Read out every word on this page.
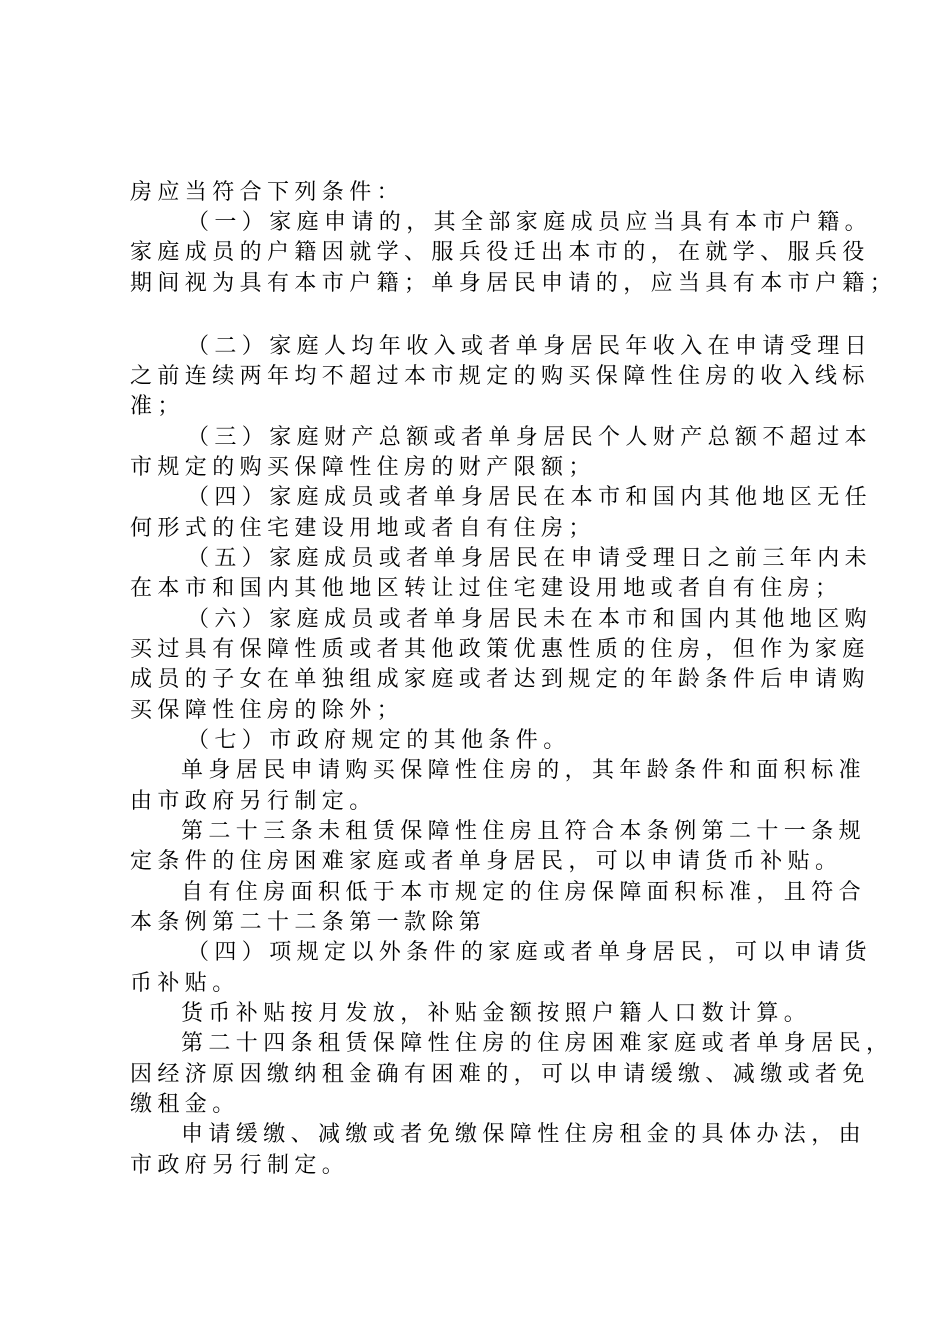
房应当符合下列条件：
（一）家庭申请的，其全部家庭成员应当具有本市户籍。
家庭成员的户籍因就学、服兵役迁出本市的，在就学、服兵役
期间视为具有本市户籍；单身居民申请的，应当具有本市户籍；
（二）家庭人均年收入或者单身居民年收入在申请受理日
之前连续两年均不超过本市规定的购买保障性住房的收入线标
准；
（三）家庭财产总额或者单身居民个人财产总额不超过本
市规定的购买保障性住房的财产限额；
（四）家庭成员或者单身居民在本市和国内其他地区无任
何形式的住宅建设用地或者自有住房；
（五）家庭成员或者单身居民在申请受理日之前三年内未
在本市和国内其他地区转让过住宅建设用地或者自有住房；
（六）家庭成员或者单身居民未在本市和国内其他地区购
买过具有保障性质或者其他政策优惠性质的住房，但作为家庭
成员的子女在单独组成家庭或者达到规定的年龄条件后申请购
买保障性住房的除外；
（七）市政府规定的其他条件。
单身居民申请购买保障性住房的，其年龄条件和面积标准
由市政府另行制定。
第二十三条未租赁保障性住房且符合本条例第二十一条规
定条件的住房困难家庭或者单身居民，可以申请货币补贴。
自有住房面积低于本市规定的住房保障面积标准，且符合
本条例第二十二条第一款除第
（四）项规定以外条件的家庭或者单身居民，可以申请货
币补贴。
货币补贴按月发放，补贴金额按照户籍人口数计算。
第二十四条租赁保障性住房的住房困难家庭或者单身居民，
因经济原因缴纳租金确有困难的，可以申请缓缴、减缴或者免
缴租金。
申请缓缴、减缴或者免缴保障性住房租金的具体办法，由
市政府另行制定。
